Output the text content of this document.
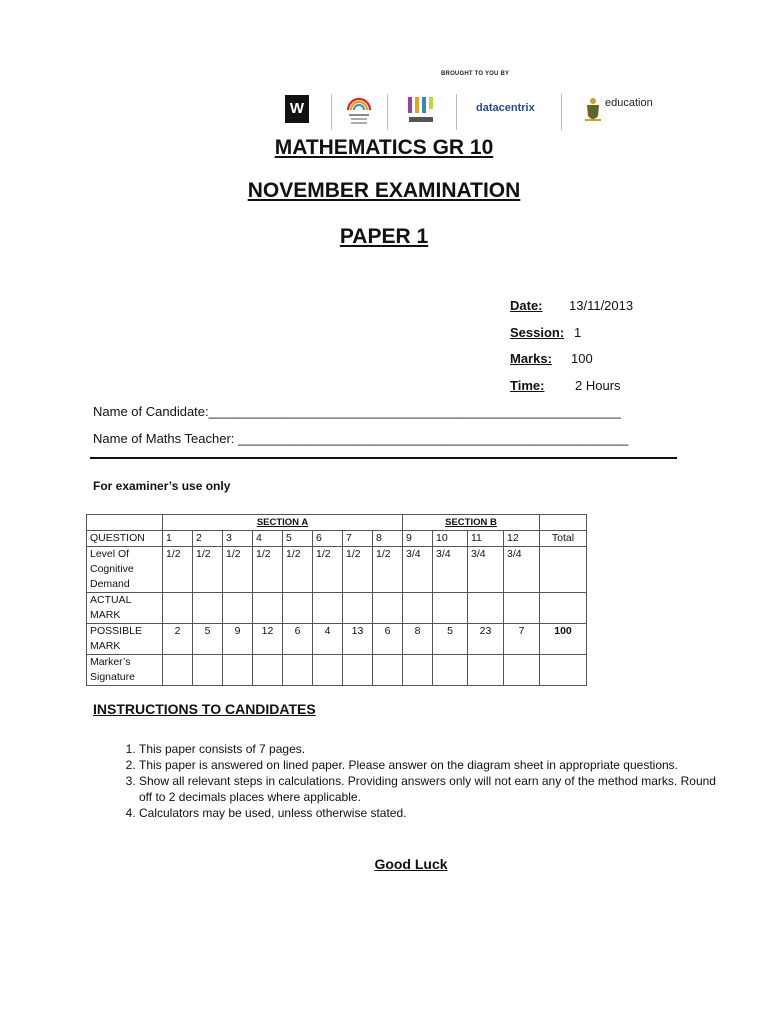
BROUGHT TO YOU BY
W	datacentrix	education
MATHEMATICS GR 10
NOVEMBER EXAMINATION
PAPER 1
Date: 13/11/2013
Session: 1
Marks: 100
Time: 2 Hours
Name of Candidate:_________________________________________________________
Name of Maths Teacher: ______________________________________________________
For examiner’s use only
	SECTION A								SECTION B				
QUESTION	1	2	3	4	5	6	7	8	9	10	11	12	Total
Level Of Cognitive Demand	1/2	1/2	1/2	1/2	1/2	1/2	1/2	1/2	3/4	3/4	3/4	3/4	
ACTUAL MARK													
POSSIBLE MARK	2	5	9	12	6	4	13	6	8	5	23	7	100
Marker’s Signature													
INSTRUCTIONS TO CANDIDATES
1. This paper consists of 7 pages.
2. This paper is answered on lined paper. Please answer on the diagram sheet in appropriate questions.
3. Show all relevant steps in calculations. Providing answers only will not earn any of the method marks. Round off to 2 decimals places where applicable.
4. Calculators may be used, unless otherwise stated.
Good Luck
